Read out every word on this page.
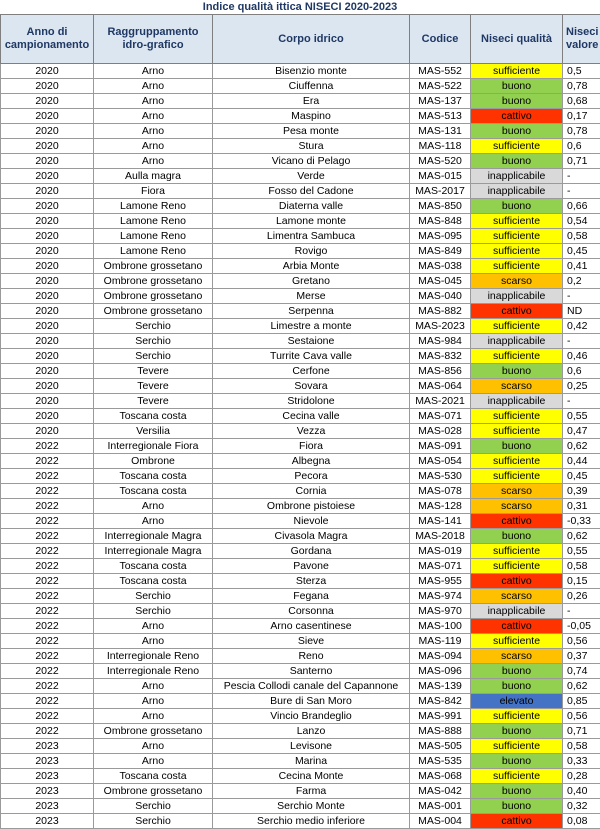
Indice qualità ittica NISECI 2020-2023
Anno di campionamento	Raggruppamento idro-grafico	Corpo idrico	Codice	Niseci qualità	Niseci valore
2020	Arno	Bisenzio monte	MAS-552	sufficiente	0,5
2020	Arno	Ciuffenna	MAS-522	buono	0,78
2020	Arno	Era	MAS-137	buono	0,68
2020	Arno	Maspino	MAS-513	cattivo	0,17
2020	Arno	Pesa monte	MAS-131	buono	0,78
2020	Arno	Stura	MAS-118	sufficiente	0,6
2020	Arno	Vicano di Pelago	MAS-520	buono	0,71
2020	Aulla magra	Verde	MAS-015	inapplicabile	-
2020	Fiora	Fosso del Cadone	MAS-2017	inapplicabile	-
2020	Lamone Reno	Diaterna valle	MAS-850	buono	0,66
2020	Lamone Reno	Lamone monte	MAS-848	sufficiente	0,54
2020	Lamone Reno	Limentra Sambuca	MAS-095	sufficiente	0,58
2020	Lamone Reno	Rovigo	MAS-849	sufficiente	0,45
2020	Ombrone grossetano	Arbia Monte	MAS-038	sufficiente	0,41
2020	Ombrone grossetano	Gretano	MAS-045	scarso	0,2
2020	Ombrone grossetano	Merse	MAS-040	inapplicabile	-
2020	Ombrone grossetano	Serpenna	MAS-882	cattivo	ND
2020	Serchio	Limestre a monte	MAS-2023	sufficiente	0,42
2020	Serchio	Sestaione	MAS-984	inapplicabile	-
2020	Serchio	Turrite Cava valle	MAS-832	sufficiente	0,46
2020	Tevere	Cerfone	MAS-856	buono	0,6
2020	Tevere	Sovara	MAS-064	scarso	0,25
2020	Tevere	Stridolone	MAS-2021	inapplicabile	-
2020	Toscana costa	Cecina valle	MAS-071	sufficiente	0,55
2020	Versilia	Vezza	MAS-028	sufficiente	0,47
2022	Interregionale Fiora	Fiora	MAS-091	buono	0,62
2022	Ombrone	Albegna	MAS-054	sufficiente	0,44
2022	Toscana costa	Pecora	MAS-530	sufficiente	0,45
2022	Toscana costa	Cornia	MAS-078	scarso	0,39
2022	Arno	Ombrone pistoiese	MAS-128	scarso	0,31
2022	Arno	Nievole	MAS-141	cattivo	-0,33
2022	Interregionale Magra	Civasola Magra	MAS-2018	buono	0,62
2022	Interregionale Magra	Gordana	MAS-019	sufficiente	0,55
2022	Toscana costa	Pavone	MAS-071	sufficiente	0,58
2022	Toscana costa	Sterza	MAS-955	cattivo	0,15
2022	Serchio	Fegana	MAS-974	scarso	0,26
2022	Serchio	Corsonna	MAS-970	inapplicabile	-
2022	Arno	Arno casentinese	MAS-100	cattivo	-0,05
2022	Arno	Sieve	MAS-119	sufficiente	0,56
2022	Interregionale Reno	Reno	MAS-094	scarso	0,37
2022	Interregionale Reno	Santerno	MAS-096	buono	0,74
2022	Arno	Pescia Collodi canale del Capannone	MAS-139	buono	0,62
2022	Arno	Bure di San Moro	MAS-842	elevato	0,85
2022	Arno	Vincio Brandeglio	MAS-991	sufficiente	0,56
2022	Ombrone grossetano	Lanzo	MAS-888	buono	0,71
2023	Arno	Levisone	MAS-505	sufficiente	0,58
2023	Arno	Marina	MAS-535	buono	0,33
2023	Toscana costa	Cecina Monte	MAS-068	sufficiente	0,28
2023	Ombrone grossetano	Farma	MAS-042	buono	0,40
2023	Serchio	Serchio Monte	MAS-001	buono	0,32
2023	Serchio	Serchio medio inferiore	MAS-004	cattivo	0,08
